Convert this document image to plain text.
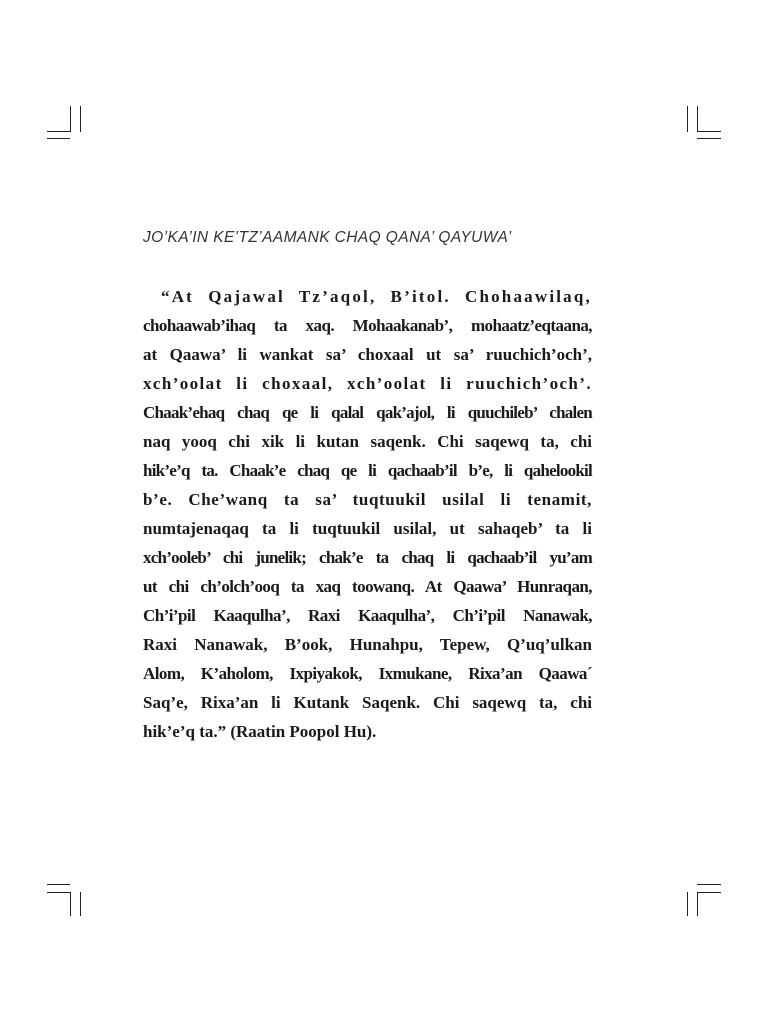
JO’KA’IN KE’TZ’AAMANK CHAQ QANA’ QAYUWA’
“At Qajawal Tz’aqol, B’itol. Chohaawilaq,
chohaawab’ihaq ta xaq. Mohaakanab’, mohaatz’eqtaana,
at Qaawa’ li wankat sa’ choxaal ut sa’ ruuchich’och’,
xch’oolat li choxaal, xch’oolat li ruuchich’och’.
Chaak’ehaq chaq qe li qalal qak’ajol, li quuchileb’ chalen
naq yooq chi xik li kutan saqenk. Chi saqewq ta, chi
hik’e’q ta. Chaak’e chaq qe li qachaab’il b’e, li qahelookil
b’e. Che’wanq ta sa’ tuqtuukil usilal li tenamit,
numtajenaqaq ta li tuqtuukil usilal, ut sahaqeb’ ta li
xch’ooleb’ chi junelik; chak’e ta chaq li qachaab’il yu’am
ut chi ch’olch’ooq ta xaq toowanq. At Qaawa’ Hunraqan,
Ch’i’pil Kaaqulha’, Raxi Kaaqulha’, Ch’i’pil Nanawak,
Raxi Nanawak, B’ook, Hunahpu, Tepew, Q’uq’ulkan
Alom, K’aholom, Ixpiyakok, Ixmukane, Rixa’an Qaawa´
Saq’e, Rixa’an li Kutank Saqenk. Chi saqewq ta, chi
hik’e’q ta.” (Raatin Poopol Hu).
